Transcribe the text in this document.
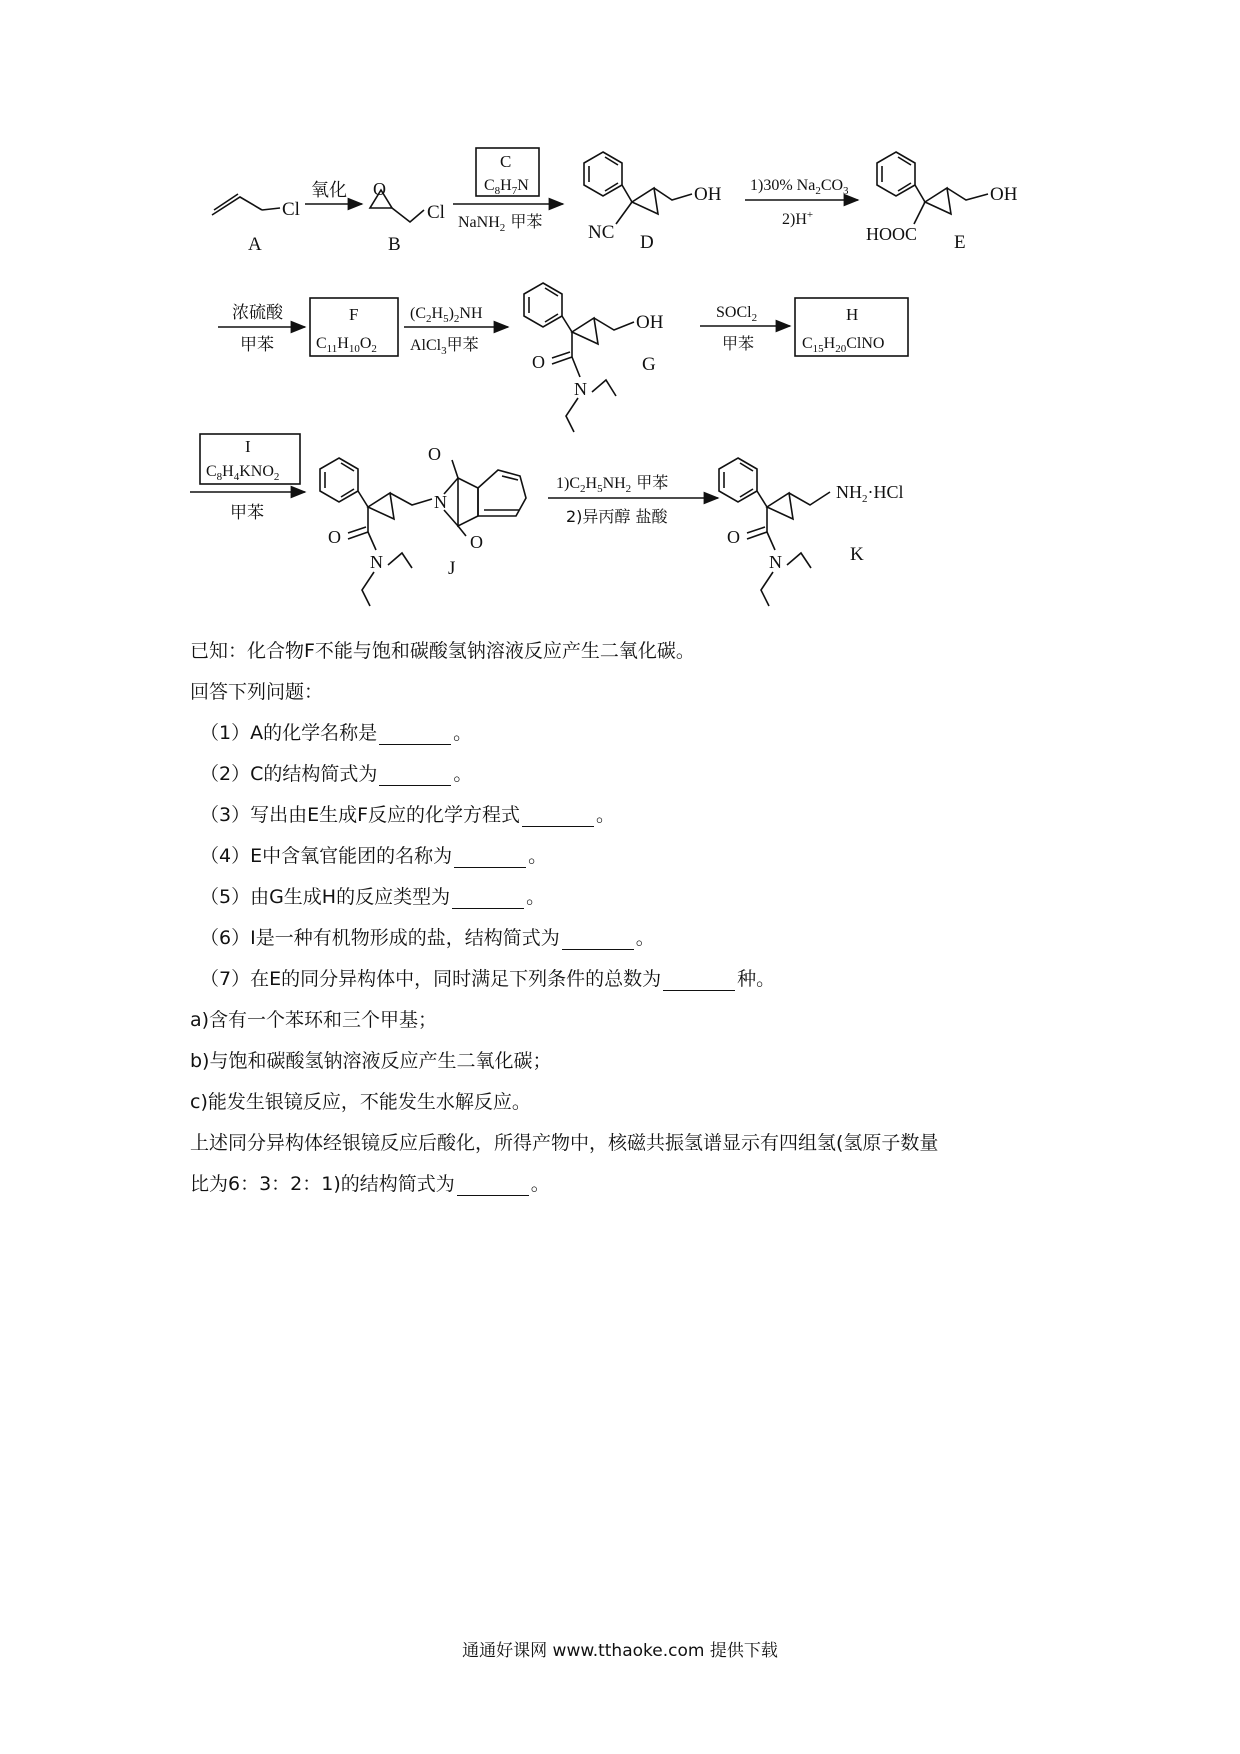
Cl
A
氧化 O
Cl
B
C
$C_8H_7N$
NaNH$_2$ 甲苯
OH
NC D
1)30% $Na_2CO_3$
2)H+
OH
HOOC E
浓硫酸
甲苯
F
$C_{11}H_{10}O_2$
$(C_2H_5)_2NH$
AlCl$_3$甲苯
OH
O
N
G
SOCl$_2$
甲苯
H
$C_{15}H_{20}ClNO$
I
$C_8H_4KNO_2$
甲苯
N
O
O
O
N	J
$1)C_2H_5NH_2$ 甲苯
2)异丙醇 盐酸
$NH_2\cdot HCl$
O
N	K
已知：化合物F不能与饱和碳酸氢钠溶液反应产生二氧化碳。
回答下列问题：
（1）A的化学名称是	。
（2）C的结构简式为	。
（3）写出由E生成F反应的化学方程式	。
（4）E中含氧官能团的名称为	。
（5）由G生成H的反应类型为	。
（6）I是一种有机物形成的盐，结构简式为	。
（7）在E的同分异构体中，同时满足下列条件的总数为	种。
a)含有一个苯环和三个甲基；
b)与饱和碳酸氢钠溶液反应产生二氧化碳；
c)能发生银镜反应，不能发生水解反应。
上述同分异构体经银镜反应后酸化，所得产物中，核磁共振氢谱显示有四组氢(氢原子数量
比为6：3：2：1)的结构简式为	。
通通好课网 www.tthaoke.com 提供下载
